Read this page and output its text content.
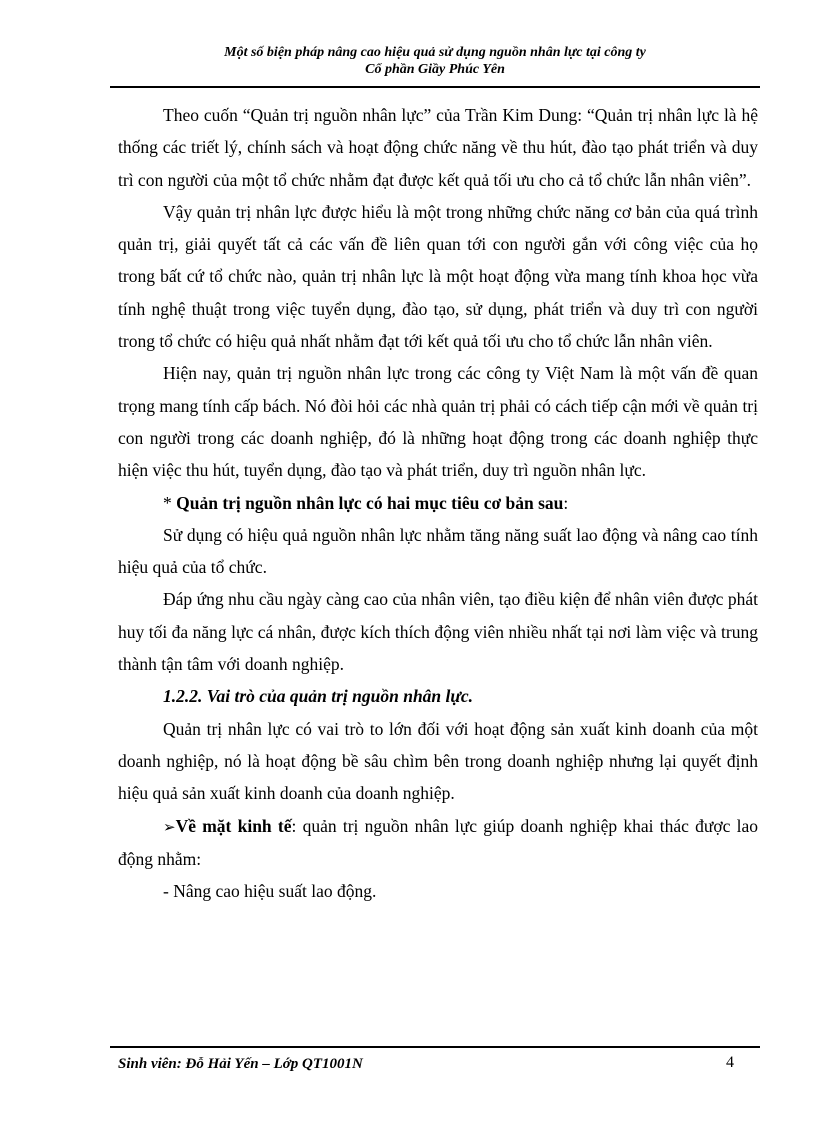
Một số biện pháp nâng cao hiệu quả sử dụng nguồn nhân lực tại công ty
Cổ phần Giầy Phúc Yên

Theo cuốn “Quản trị nguồn nhân lực” của Trần Kim Dung: “Quản trị nhân lực là hệ thống các triết lý, chính sách và hoạt động chức năng về thu hút, đào tạo phát triển và duy trì con người của một tổ chức nhằm đạt được kết quả tối ưu cho cả tổ chức lẫn nhân viên”.

Vậy quản trị nhân lực được hiểu là một trong những chức năng cơ bản của quá trình quản trị, giải quyết tất cả các vấn đề liên quan tới con người gắn với công việc của họ trong bất cứ tổ chức nào, quản trị nhân lực là một hoạt động vừa mang tính khoa học vừa tính nghệ thuật trong việc tuyển dụng, đào tạo, sử dụng, phát triển và duy trì con người trong tổ chức có hiệu quả nhất nhằm đạt tới kết quả tối ưu cho tổ chức lẫn nhân viên.

Hiện nay, quản trị nguồn nhân lực trong các công ty Việt Nam là một vấn đề quan trọng mang tính cấp bách. Nó đòi hỏi các nhà quản trị phải có cách tiếp cận mới về quản trị con người trong các doanh nghiệp, đó là những hoạt động trong các doanh nghiệp thực hiện việc thu hút, tuyển dụng, đào tạo và phát triển, duy trì nguồn nhân lực.

* Quản trị nguồn nhân lực có hai mục tiêu cơ bản sau:

Sử dụng có hiệu quả nguồn nhân lực nhằm tăng năng suất lao động và nâng cao tính hiệu quả của tổ chức.

Đáp ứng nhu cầu ngày càng cao của nhân viên, tạo điều kiện để nhân viên được phát huy tối đa năng lực cá nhân, được kích thích động viên nhiều nhất tại nơi làm việc và trung thành tận tâm với doanh nghiệp.

1.2.2. Vai trò của quản trị nguồn nhân lực.

Quản trị nhân lực có vai trò to lớn đối với hoạt động sản xuất kinh doanh của một doanh nghiệp, nó là hoạt động bề sâu chìm bên trong doanh nghiệp nhưng lại quyết định hiệu quả sản xuất kinh doanh của doanh nghiệp.

➢Về mặt kinh tế: quản trị nguồn nhân lực giúp doanh nghiệp khai thác được lao động nhằm:

- Nâng cao hiệu suất lao động.

Sinh viên: Đỗ Hải Yến – Lớp QT1001N	4
